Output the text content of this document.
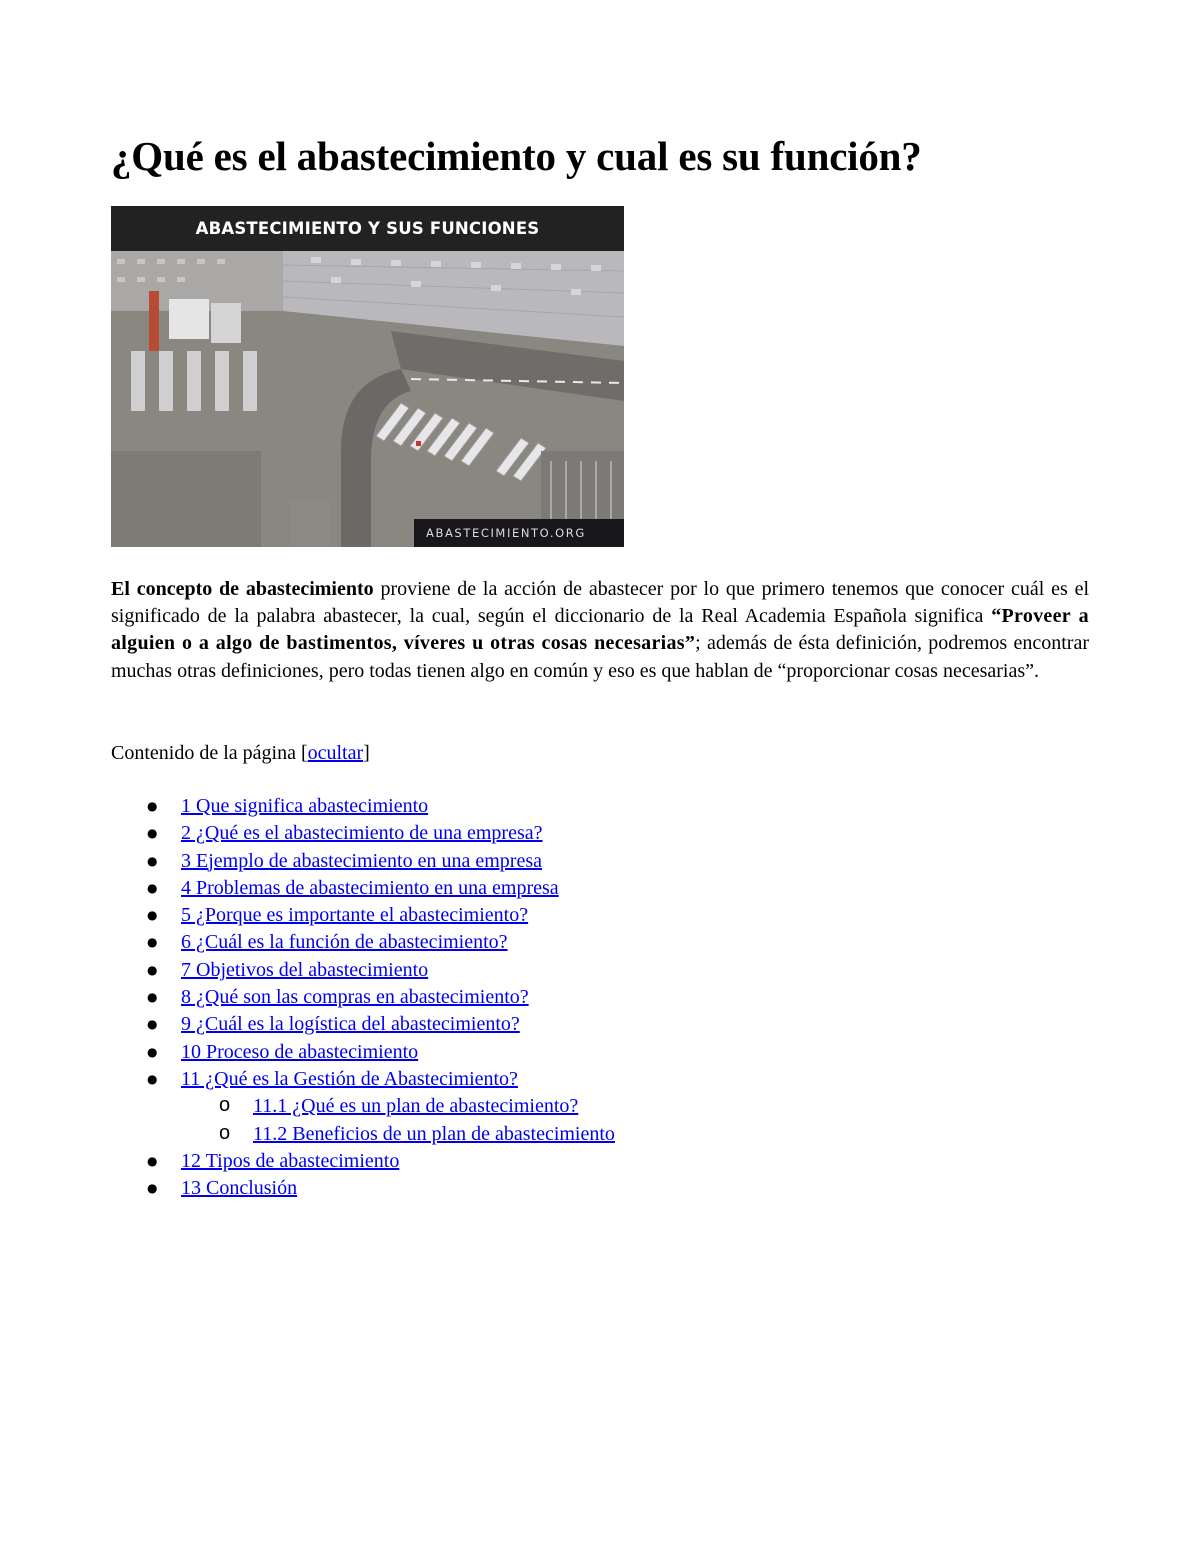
¿Qué es el abastecimiento y cual es su función?
ABASTECIMIENTO Y SUS FUNCIONES
ABASTECIMIENTO.ORG

El concepto de abastecimiento proviene de la acción de abastecer por lo que primero tenemos que conocer cuál es el significado de la palabra abastecer, la cual, según el diccionario de la Real Academia Española significa “Proveer a alguien o a algo de bastimentos, víveres u otras cosas necesarias”; además de ésta definición, podremos encontrar muchas otras definiciones, pero todas tienen algo en común y eso es que hablan de “proporcionar cosas necesarias”.

Contenido de la página [ocultar]

● 1 Que significa abastecimiento
● 2 ¿Qué es el abastecimiento de una empresa?
● 3 Ejemplo de abastecimiento en una empresa
● 4 Problemas de abastecimiento en una empresa
● 5 ¿Porque es importante el abastecimiento?
● 6 ¿Cuál es la función de abastecimiento?
● 7 Objetivos del abastecimiento
● 8 ¿Qué son las compras en abastecimiento?
● 9 ¿Cuál es la logística del abastecimiento?
● 10 Proceso de abastecimiento
● 11 ¿Qué es la Gestión de Abastecimiento?
o 11.1 ¿Qué es un plan de abastecimiento?
o 11.2 Beneficios de un plan de abastecimiento
● 12 Tipos de abastecimiento
● 13 Conclusión
